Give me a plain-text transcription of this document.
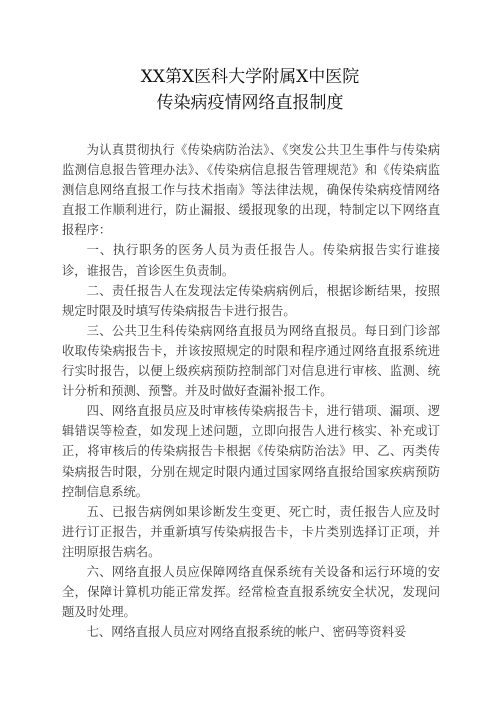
XX第X医科大学附属X中医院
传染病疫情网络直报制度

为认真贯彻执行《传染病防治法》、《突发公共卫生事件与传染病监测信息报告管理办法》、《传染病信息报告管理规范》和《传染病监测信息网络直报工作与技术指南》等法律法规，确保传染病疫情网络直报工作顺利进行，防止漏报、缓报现象的出现，特制定以下网络直报程序：

一、执行职务的医务人员为责任报告人。传染病报告实行谁接诊，谁报告，首诊医生负责制。

二、责任报告人在发现法定传染病病例后，根据诊断结果，按照规定时限及时填写传染病报告卡进行报告。

三、公共卫生科传染病网络直报员为网络直报员。每日到门诊部收取传染病报告卡，并该按照规定的时限和程序通过网络直报系统进行实时报告，以便上级疾病预防控制部门对信息进行审核、监测、统计分析和预测、预警。并及时做好查漏补报工作。

四、网络直报员应及时审核传染病报告卡，进行错项、漏项、逻辑错误等检查，如发现上述问题，立即向报告人进行核实、补充或订正，将审核后的传染病报告卡根据《传染病防治法》甲、乙、丙类传染病报告时限，分别在规定时限内通过国家网络直报给国家疾病预防控制信息系统。

五、已报告病例如果诊断发生变更、死亡时，责任报告人应及时进行订正报告，并重新填写传染病报告卡，卡片类别选择订正项，并注明原报告病名。

六、网络直报人员应保障网络直保系统有关设备和运行环境的安全，保障计算机功能正常发挥。经常检查直报系统安全状况，发现问题及时处理。

七、网络直报人员应对网络直报系统的帐户、密码等资料妥
